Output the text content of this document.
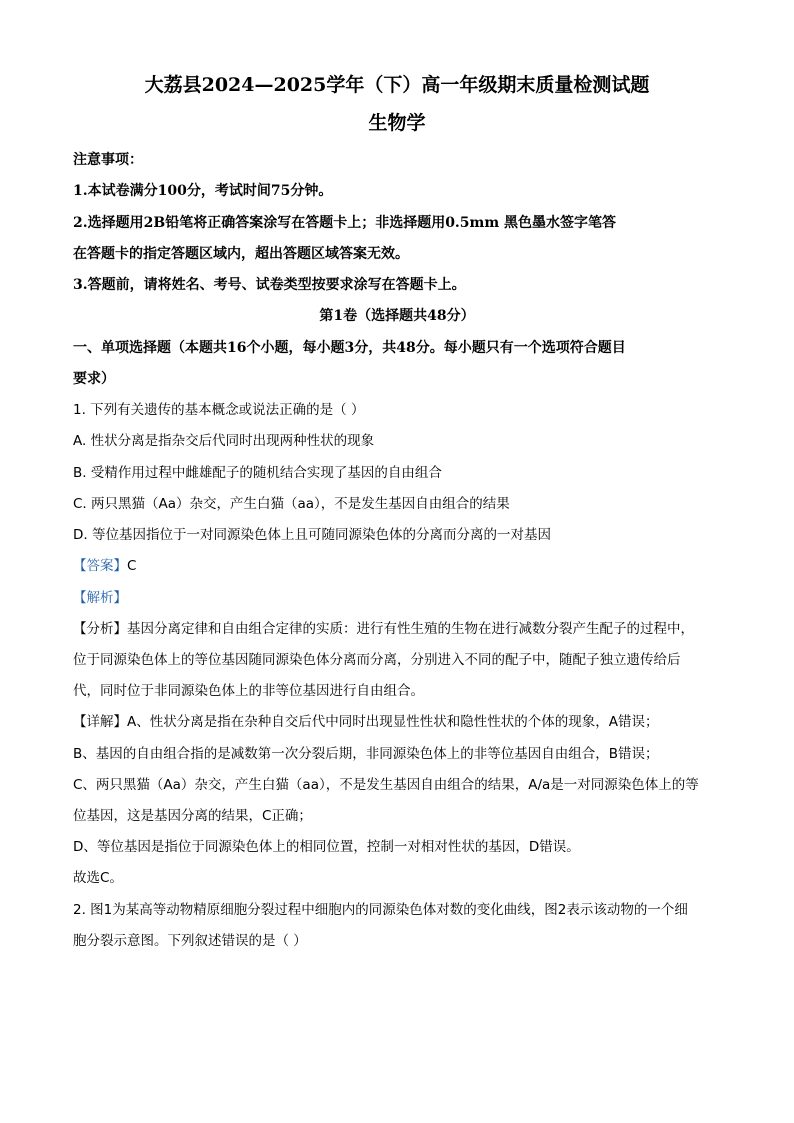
大荔县2024—2025学年（下）高一年级期末质量检测试题
生物学
注意事项：
1.本试卷满分100分，考试时间75分钟。
2.选择题用2B铅笔将正确答案涂写在答题卡上；非选择题用0.5mm 黑色墨水签字笔答
在答题卡的指定答题区域内，超出答题区域答案无效。
3.答题前，请将姓名、考号、试卷类型按要求涂写在答题卡上。
第1卷（选择题共48分）
一、单项选择题（本题共16个小题，每小题3分，共48分。每小题只有一个选项符合题目
要求）
1. 下列有关遗传的基本概念或说法正确的是（ ）
A. 性状分离是指杂交后代同时出现两种性状的现象
B. 受精作用过程中雌雄配子的随机结合实现了基因的自由组合
C. 两只黑猫（Aa）杂交，产生白猫（aa），不是发生基因自由组合的结果
D. 等位基因指位于一对同源染色体上且可随同源染色体的分离而分离的一对基因
【答案】C
【解析】
【分析】基因分离定律和自由组合定律的实质：进行有性生殖的生物在进行减数分裂产生配子的过程中，
位于同源染色体上的等位基因随同源染色体分离而分离，分别进入不同的配子中，随配子独立遗传给后
代，同时位于非同源染色体上的非等位基因进行自由组合。
【详解】A、性状分离是指在杂种自交后代中同时出现显性性状和隐性性状的个体的现象，A错误；
B、基因的自由组合指的是减数第一次分裂后期，非同源染色体上的非等位基因自由组合，B错误；
C、两只黑猫（Aa）杂交，产生白猫（aa），不是发生基因自由组合的结果，A/a是一对同源染色体上的等
位基因，这是基因分离的结果，C正确；
D、等位基因是指位于同源染色体上的相同位置，控制一对相对性状的基因，D错误。
故选C。
2. 图1为某高等动物精原细胞分裂过程中细胞内的同源染色体对数的变化曲线，图2表示该动物的一个细
胞分裂示意图。下列叙述错误的是（ ）
